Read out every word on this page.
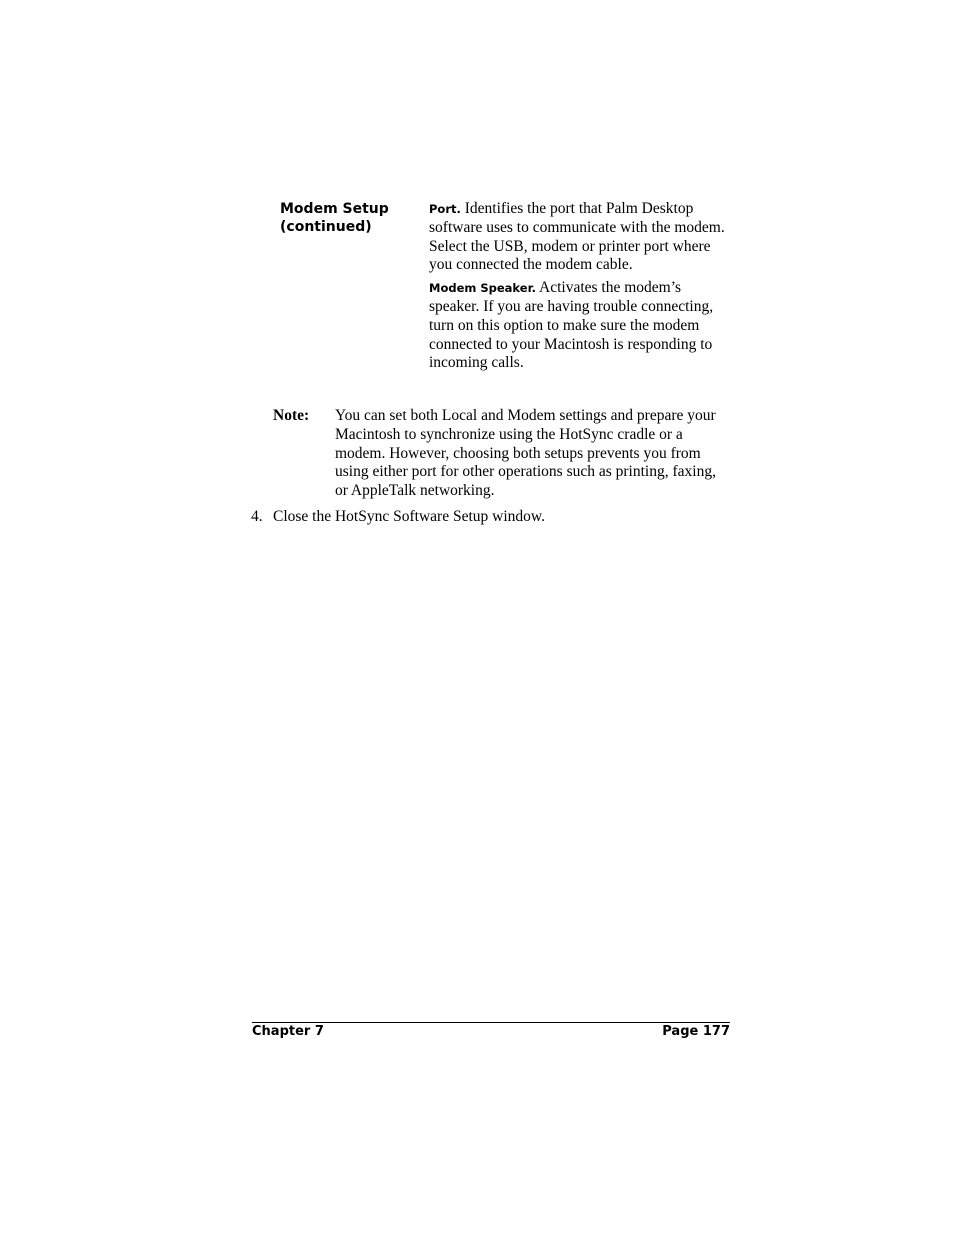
Modem Setup
(continued)

Port. Identifies the port that Palm Desktop software uses to communicate with the modem. Select the USB, modem or printer port where you connected the modem cable.

Modem Speaker. Activates the modem’s speaker. If you are having trouble connecting, turn on this option to make sure the modem connected to your Macintosh is responding to incoming calls.

Note: You can set both Local and Modem settings and prepare your Macintosh to synchronize using the HotSync cradle or a modem. However, choosing both setups prevents you from using either port for other operations such as printing, faxing, or AppleTalk networking.
4. Close the HotSync Software Setup window.
Chapter 7	Page 177
